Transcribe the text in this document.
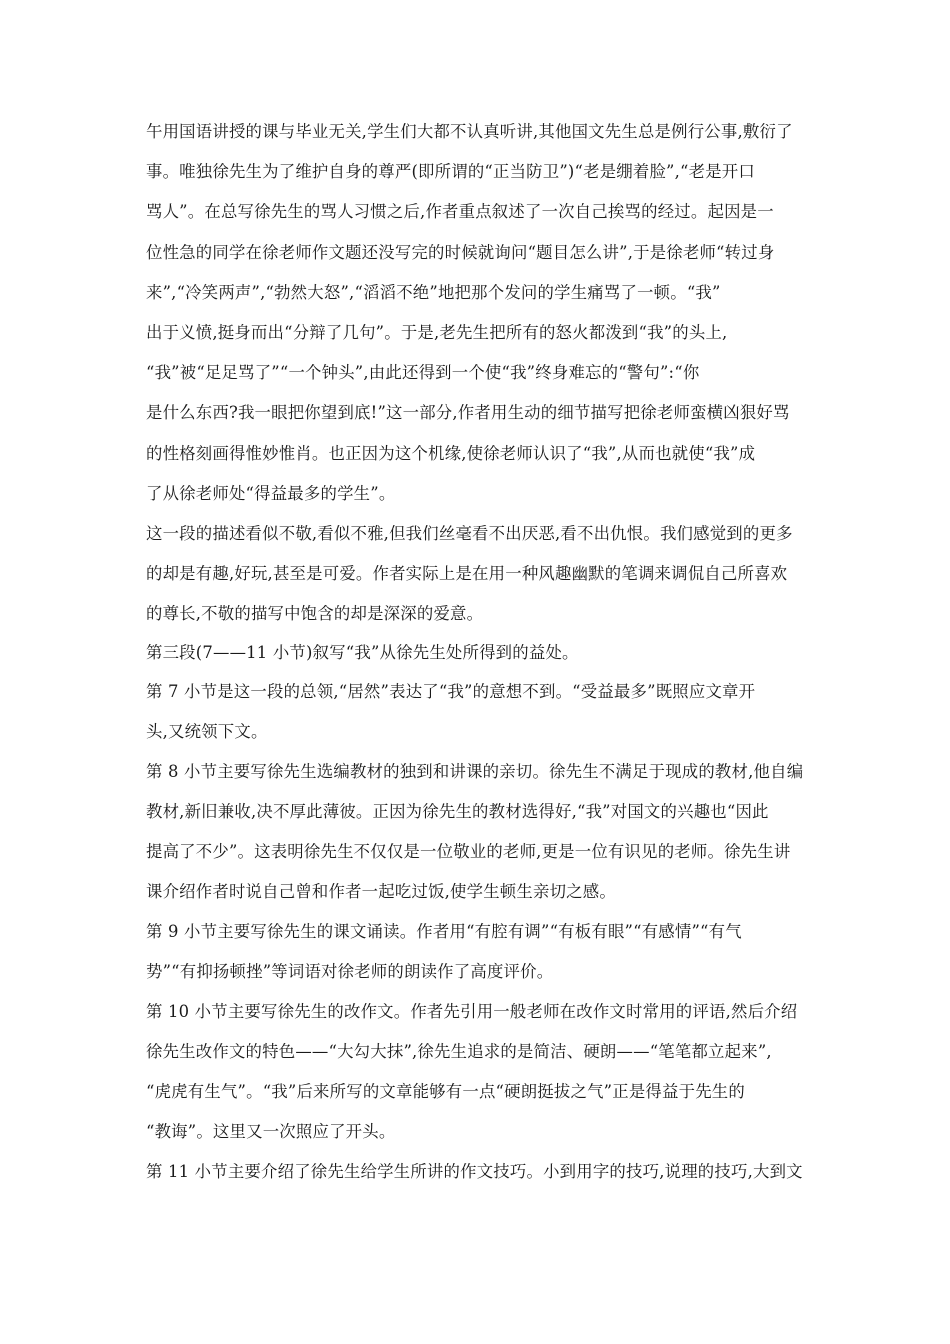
午用国语讲授的课与毕业无关,学生们大都不认真听讲,其他国文先生总是例行公事,敷衍了
事。唯独徐先生为了维护自身的尊严(即所谓的“正当防卫”)“老是绷着脸”,“老是开口
骂人”。在总写徐先生的骂人习惯之后,作者重点叙述了一次自己挨骂的经过。起因是一
位性急的同学在徐老师作文题还没写完的时候就询问“题目怎么讲”,于是徐老师“转过身
来”,“冷笑两声”,“勃然大怒”,“滔滔不绝”地把那个发问的学生痛骂了一顿。“我”
出于义愤,挺身而出“分辩了几句”。于是,老先生把所有的怒火都泼到“我”的头上,
“我”被“足足骂了”“一个钟头”,由此还得到一个使“我”终身难忘的“警句”:“你
是什么东西?我一眼把你望到底!”这一部分,作者用生动的细节描写把徐老师蛮横凶狠好骂
的性格刻画得惟妙惟肖。也正因为这个机缘,使徐老师认识了“我”,从而也就使“我”成
了从徐老师处“得益最多的学生”。
这一段的描述看似不敬,看似不雅,但我们丝毫看不出厌恶,看不出仇恨。我们感觉到的更多
的却是有趣,好玩,甚至是可爱。作者实际上是在用一种风趣幽默的笔调来调侃自己所喜欢
的尊长,不敬的描写中饱含的却是深深的爱意。
第三段(7——11 小节)叙写“我”从徐先生处所得到的益处。
第 7 小节是这一段的总领,“居然”表达了“我”的意想不到。“受益最多”既照应文章开
头,又统领下文。
第 8 小节主要写徐先生选编教材的独到和讲课的亲切。徐先生不满足于现成的教材,他自编
教材,新旧兼收,决不厚此薄彼。正因为徐先生的教材选得好,“我”对国文的兴趣也“因此
提高了不少”。这表明徐先生不仅仅是一位敬业的老师,更是一位有识见的老师。徐先生讲
课介绍作者时说自己曾和作者一起吃过饭,使学生顿生亲切之感。
第 9 小节主要写徐先生的课文诵读。作者用“有腔有调”“有板有眼”“有感情”“有气
势”“有抑扬顿挫”等词语对徐老师的朗读作了高度评价。
第 10 小节主要写徐先生的改作文。作者先引用一般老师在改作文时常用的评语,然后介绍
徐先生改作文的特色——“大勾大抹”,徐先生追求的是简洁、硬朗——“笔笔都立起来”,
“虎虎有生气”。“我”后来所写的文章能够有一点“硬朗挺拔之气”正是得益于先生的
“教诲”。这里又一次照应了开头。
第 11 小节主要介绍了徐先生给学生所讲的作文技巧。小到用字的技巧,说理的技巧,大到文
